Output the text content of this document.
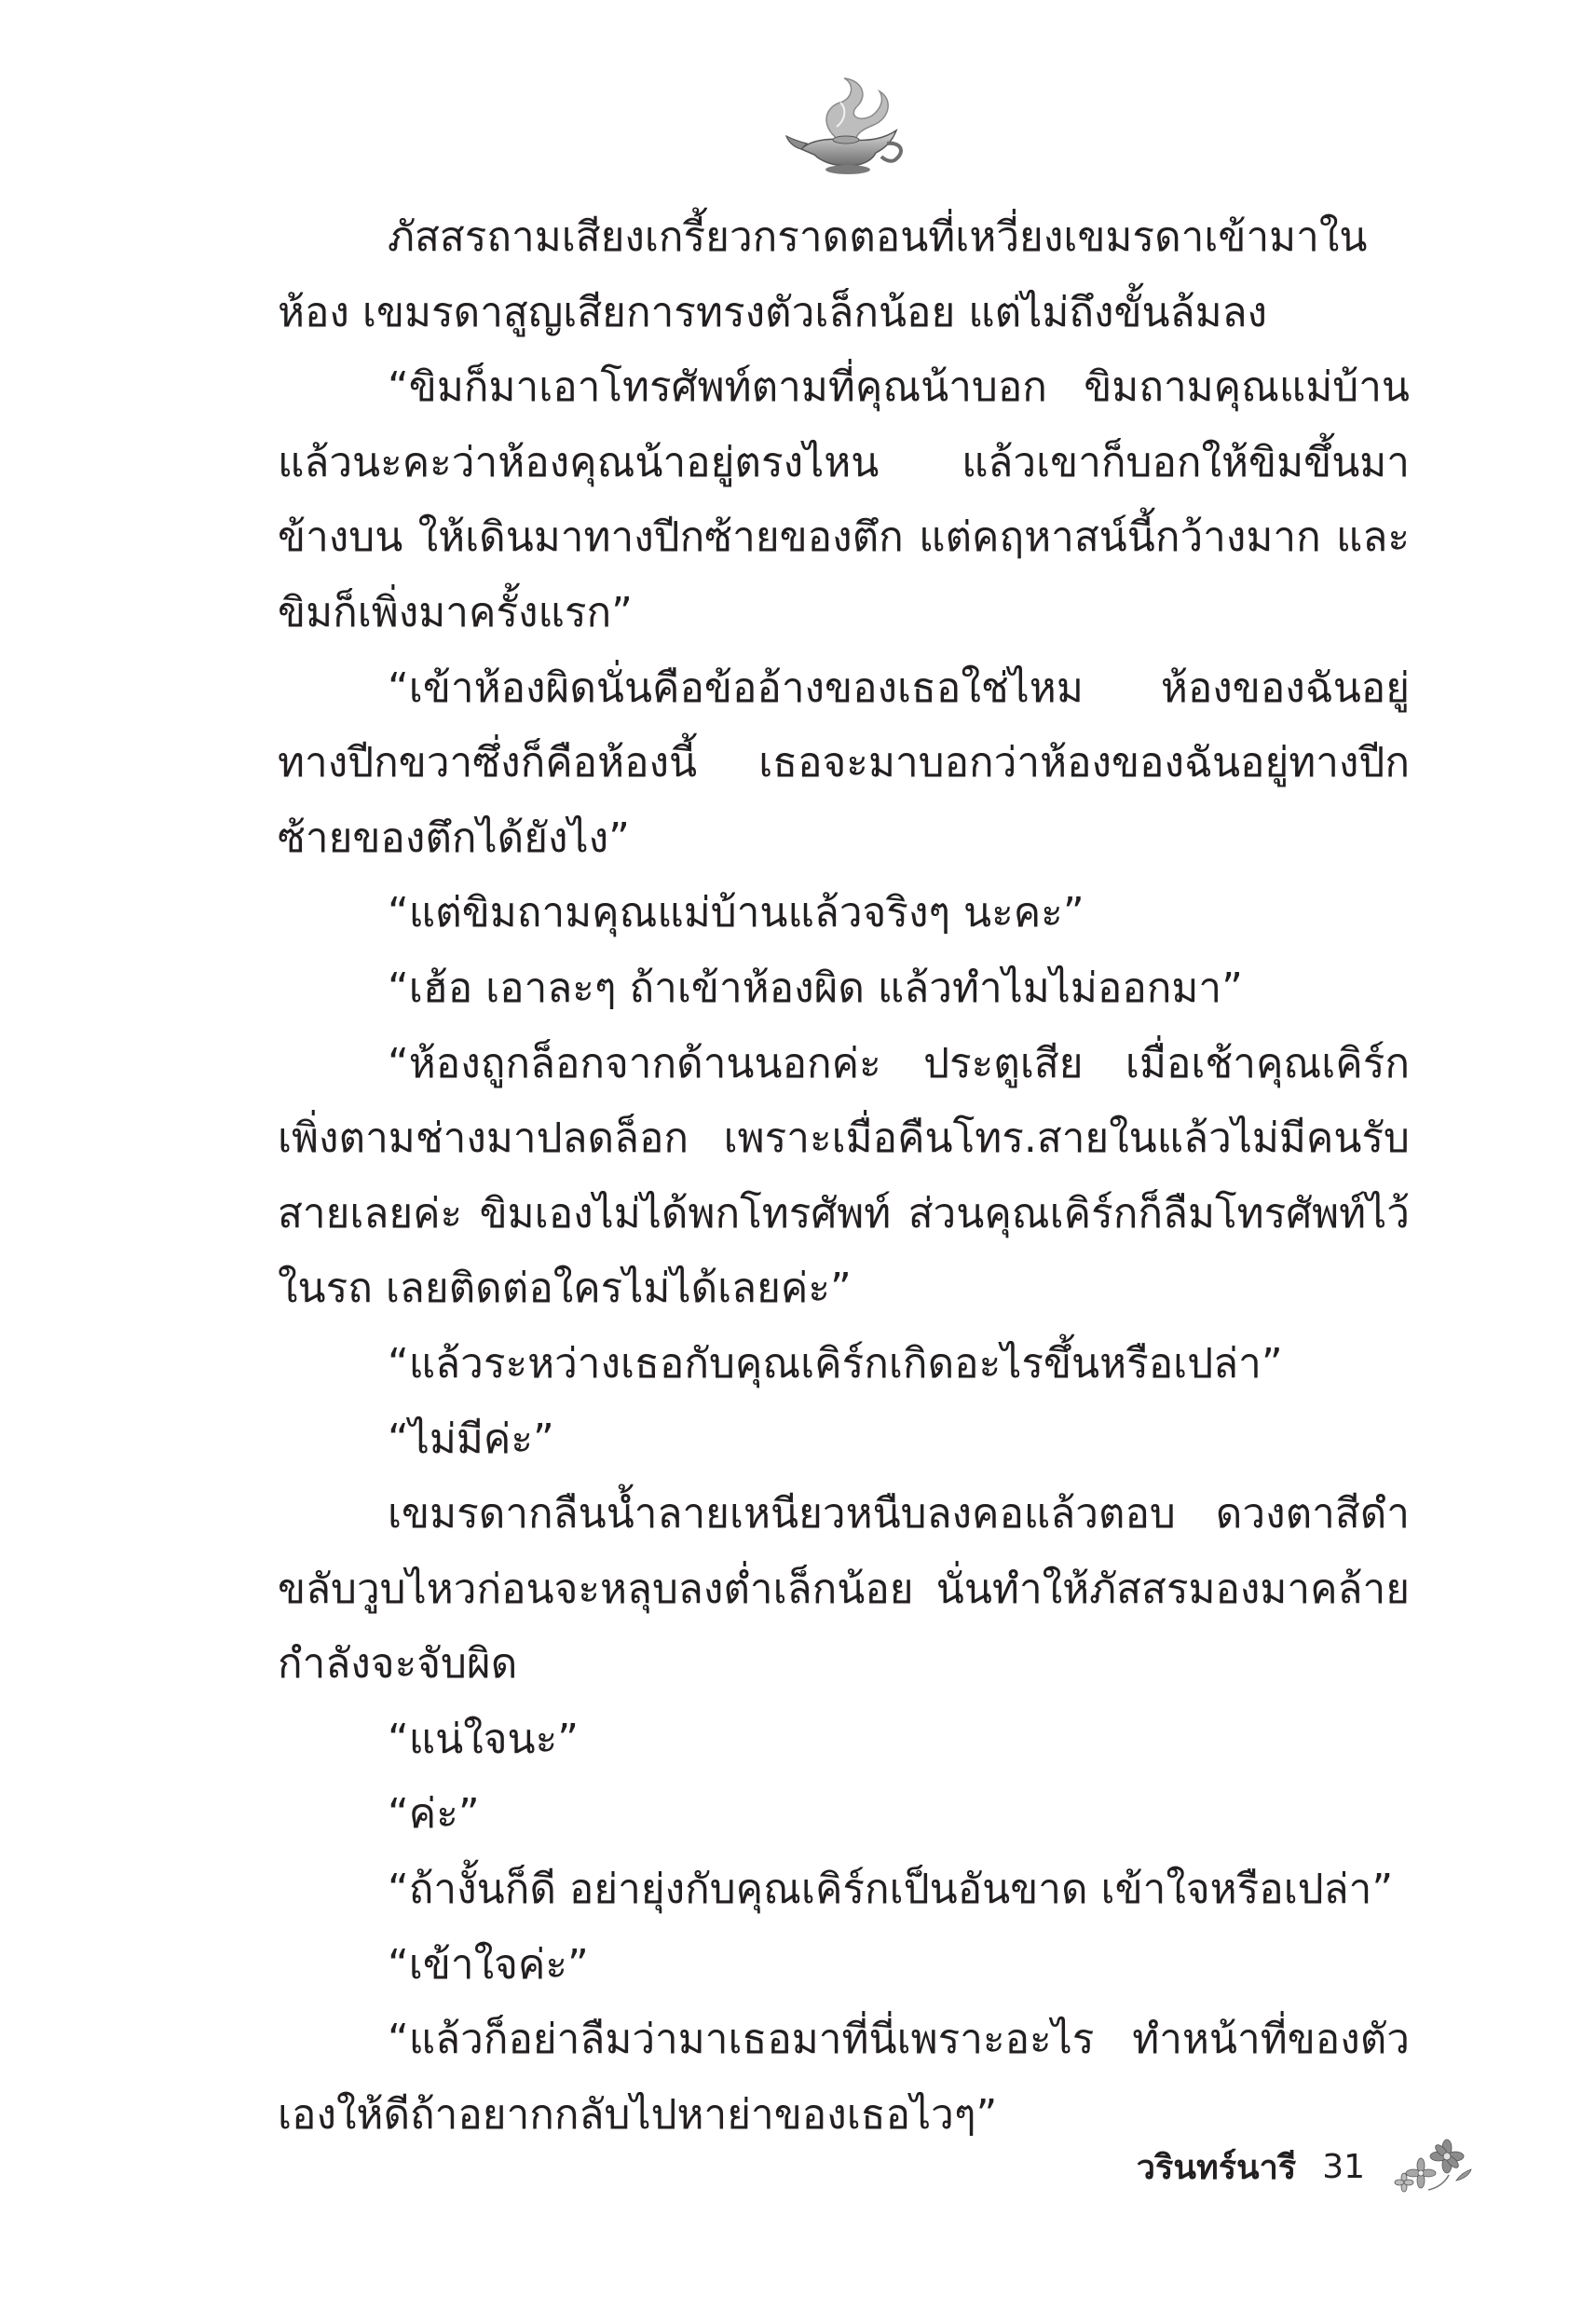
ภัสสรถามเสียงเกรี้ยวกราดตอนที่เหวี่ยงเขมรดาเข้ามาในห้อง เขมรดาสูญเสียการทรงตัวเล็กน้อย แต่ไม่ถึงขั้นล้มลง

“ขิมก็มาเอาโทรศัพท์ตามที่คุณน้าบอก ขิมถามคุณแม่บ้านแล้วนะคะว่าห้องคุณน้าอยู่ตรงไหน แล้วเขาก็บอกให้ขิมขึ้นมาข้างบน ให้เดินมาทางปีกซ้ายของตึก แต่คฤหาสน์นี้กว้างมาก และขิมก็เพิ่งมาครั้งแรก”

“เข้าห้องผิดนั่นคือข้ออ้างของเธอใช่ไหม ห้องของฉันอยู่ทางปีกขวาซึ่งก็คือห้องนี้ เธอจะมาบอกว่าห้องของฉันอยู่ทางปีกซ้ายของตึกได้ยังไง”

“แต่ขิมถามคุณแม่บ้านแล้วจริงๆ นะคะ”

“เฮ้อ เอาละๆ ถ้าเข้าห้องผิด แล้วทำไมไม่ออกมา”

“ห้องถูกล็อกจากด้านนอกค่ะ ประตูเสีย เมื่อเช้าคุณเคิร์กเพิ่งตามช่างมาปลดล็อก เพราะเมื่อคืนโทร.สายในแล้วไม่มีคนรับสายเลยค่ะ ขิมเองไม่ได้พกโทรศัพท์ ส่วนคุณเคิร์กก็ลืมโทรศัพท์ไว้ในรถ เลยติดต่อใครไม่ได้เลยค่ะ”

“แล้วระหว่างเธอกับคุณเคิร์กเกิดอะไรขึ้นหรือเปล่า”

“ไม่มีค่ะ”

เขมรดากลืนน้ำลายเหนียวหนืบลงคอแล้วตอบ ดวงตาสีดำขลับวูบไหวก่อนจะหลุบลงต่ำเล็กน้อย นั่นทำให้ภัสสรมองมาคล้ายกำลังจะจับผิด

“แน่ใจนะ”

“ค่ะ”

“ถ้างั้นก็ดี อย่ายุ่งกับคุณเคิร์กเป็นอันขาด เข้าใจหรือเปล่า”

“เข้าใจค่ะ”

“แล้วก็อย่าลืมว่ามาเธอมาที่นี่เพราะอะไร ทำหน้าที่ของตัวเองให้ดีถ้าอยากกลับไปหาย่าของเธอไวๆ”

วรินทร์นารี 31
